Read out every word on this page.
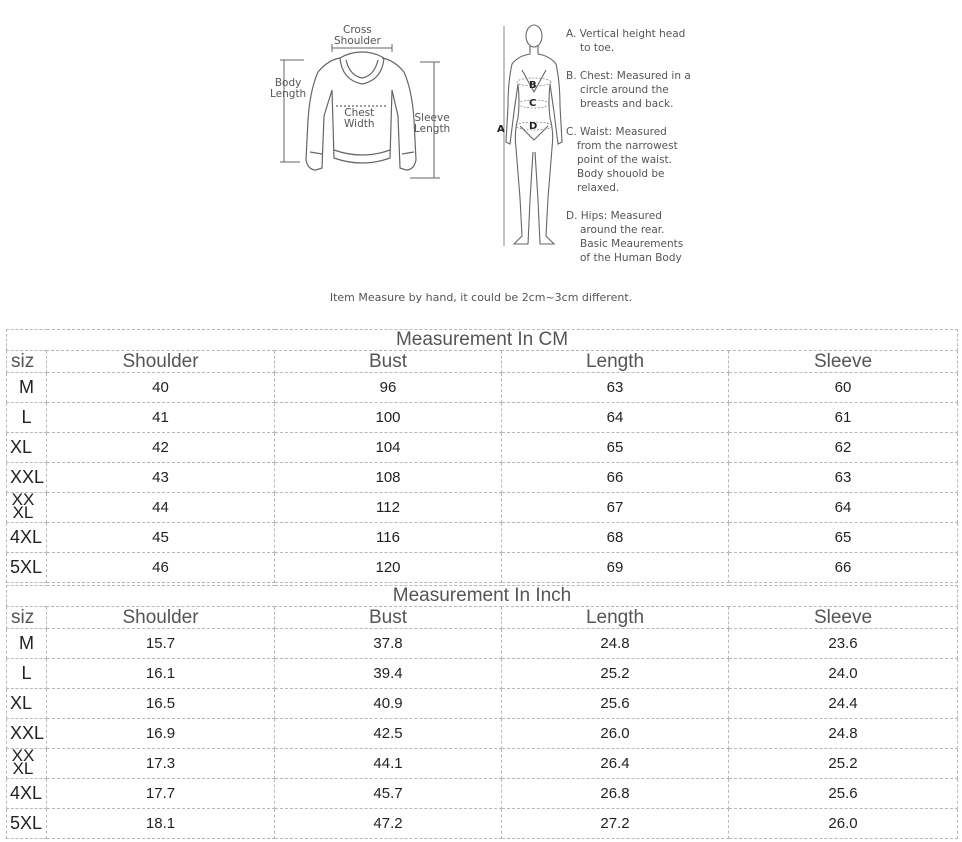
Cross
Shoulder
Body
Length
Chest
Width	Sleeve
Length
B
C
A D
A. Vertical height head
to toe.
B. Chest: Measured in a
circle around the
breasts and back.
C. Waist: Measured
from the narrowest
point of the waist.
Body shouold be
relaxed.
D. Hips: Measured
around the rear.
Basic Meaurements
of the Human Body
Item Measure by hand, it could be 2cm~3cm different.
Measurement In CM				
siz	Shoulder	Bust	Length	Sleeve
M	40	96	63	60
L	41	100	64	61
XL	42	104	65	62
XXL	43	108	66	63

XXXL	44	112	67	64
4XL	45	116	68	65
5XL	46	120	69	66
Measurement In Inch				
siz	Shoulder	Bust	Length	Sleeve
M	15.7	37.8	24.8	23.6
L	16.1	39.4	25.2	24.0
XL	16.5	40.9	25.6	24.4
XXL	16.9	42.5	26.0	24.8

XXXL	17.3	44.1	26.4	25.2
4XL	17.7	45.7	26.8	25.6
5XL	18.1	47.2	27.2	26.0
